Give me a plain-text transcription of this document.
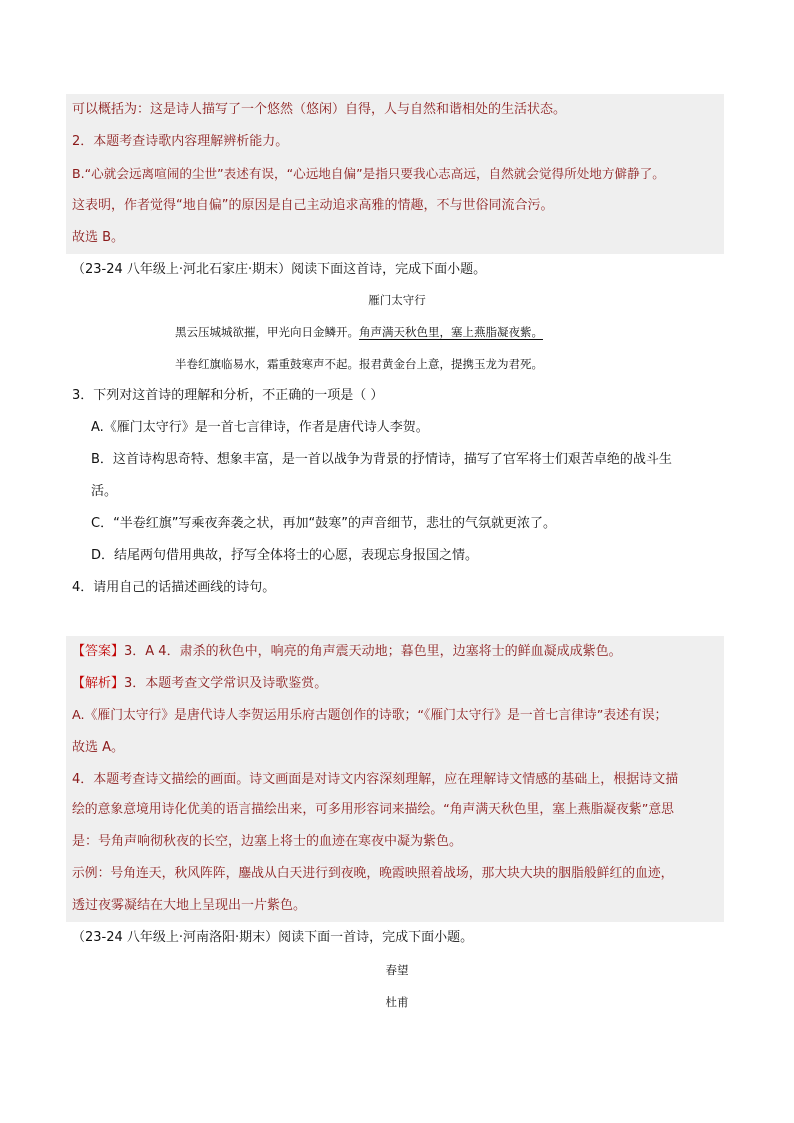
可以概括为：这是诗人描写了一个悠然（悠闲）自得，人与自然和谐相处的生活状态。
2．本题考查诗歌内容理解辨析能力。
B.“心就会远离喧闹的尘世”表述有误，“心远地自偏”是指只要我心志高远，自然就会觉得所处地方僻静了。
这表明，作者觉得“地自偏”的原因是自己主动追求高雅的情趣，不与世俗同流合污。
故选 B。
（23-24 八年级上·河北石家庄·期末）阅读下面这首诗，完成下面小题。
雁门太守行
黑云压城城欲摧，甲光向日金鳞开。角声满天秋色里，塞上燕脂凝夜紫。
半卷红旗临易水，霜重鼓寒声不起。报君黄金台上意，提携玉龙为君死。
3．下列对这首诗的理解和分析，不正确的一项是（ ）
A.《雁门太守行》是一首七言律诗，作者是唐代诗人李贺。
B．这首诗构思奇特、想象丰富，是一首以战争为背景的抒情诗，描写了官军将士们艰苦卓绝的战斗生
活。
C．“半卷红旗”写乘夜奔袭之状，再加“鼓寒”的声音细节，悲壮的气氛就更浓了。
D．结尾两句借用典故，抒写全体将士的心愿，表现忘身报国之情。
4．请用自己的话描述画线的诗句。
【答案】3．A 4．肃杀的秋色中，响亮的角声震天动地；暮色里，边塞将士的鲜血凝成成紫色。
【解析】3．本题考查文学常识及诗歌鉴赏。
A.《雁门太守行》是唐代诗人李贺运用乐府古题创作的诗歌；“《雁门太守行》是一首七言律诗”表述有误；
故选 A。
4．本题考查诗文描绘的画面。诗文画面是对诗文内容深刻理解，应在理解诗文情感的基础上，根据诗文描
绘的意象意境用诗化优美的语言描绘出来，可多用形容词来描绘。“角声满天秋色里，塞上燕脂凝夜紫”意思
是：号角声响彻秋夜的长空，边塞上将士的血迹在寒夜中凝为紫色。
示例：号角连天，秋风阵阵，鏖战从白天进行到夜晚，晚霞映照着战场，那大块大块的胭脂般鲜红的血迹，
透过夜雾凝结在大地上呈现出一片紫色。
（23-24 八年级上·河南洛阳·期末）阅读下面一首诗，完成下面小题。
春望
杜甫
